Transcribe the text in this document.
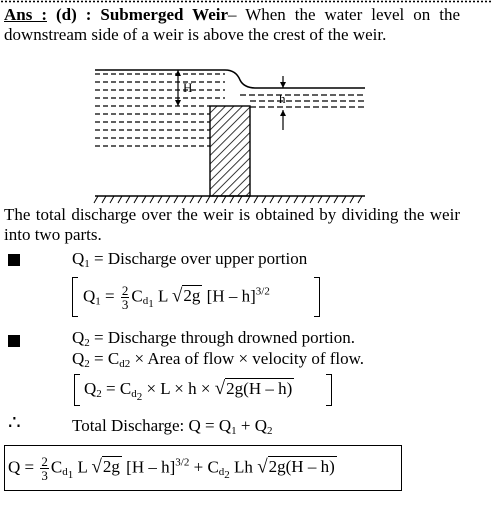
Ans : (d) : Submerged Weir– When the water level on the downstream side of a weir is above the crest of the weir.
H
h
The total discharge over the weir is obtained by dividing the weir into two parts.
$Q_1$ = Discharge over upper portion
$Q_1 = \frac{2}{3} C_{d_1}$ L √2g [H – h]$^{3/2}$
$Q_2$ = Discharge through drowned portion.
$Q_2 = C_{d2}$ × Area of flow × velocity of flow.
$Q_2 = C_{d_2} \times L \times h \times √2g(H - h)$
∴	Total Discharge: $Q = Q_1 + Q_2$
$Q = \frac{2}{3} C_{d_1}$ L √2g $[H - h]^{3/2} + C_{d_2}$ Lh √2g(H – h)
